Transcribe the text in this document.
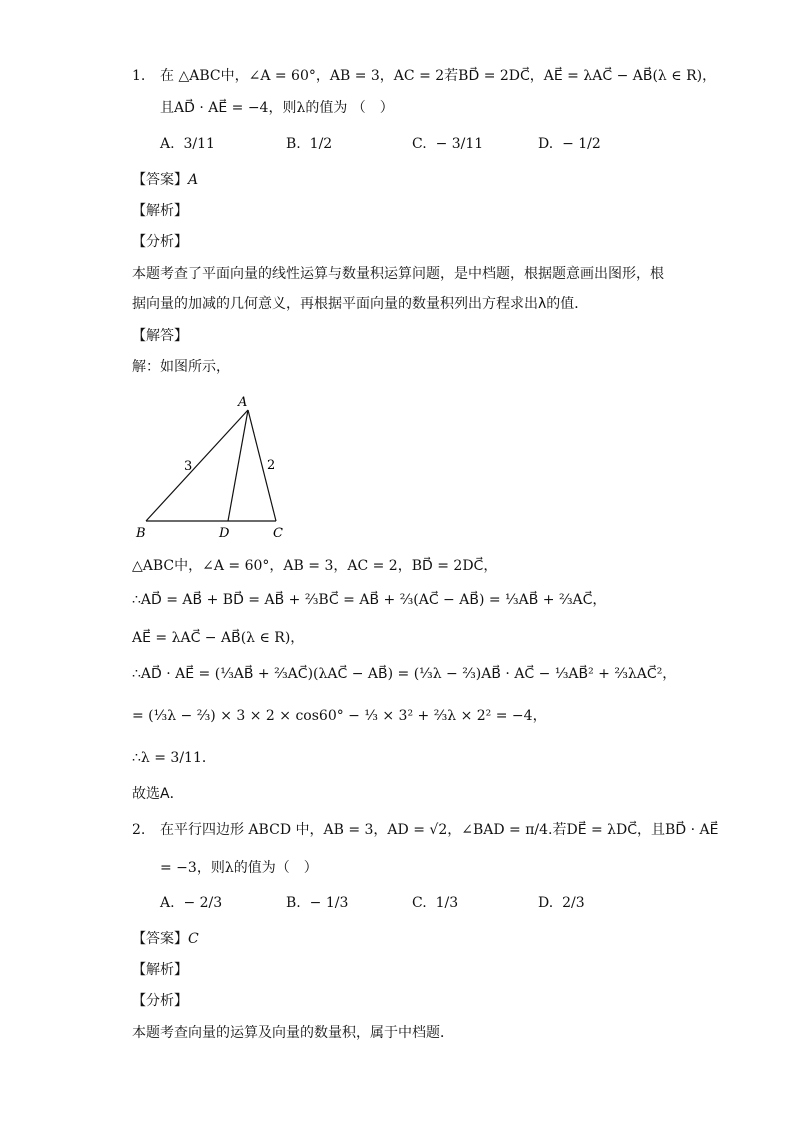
1. 在 △ABC中，∠A = 60°，AB = 3，AC = 2若BD⃗ = 2DC⃗，AE⃗ = λAC⃗ − AB⃗(λ ∈ R)，
且AD⃗ · AE⃗ = −4，则λ的值为 （　）
A. 3/11	B. 1/2	C. − 3/11	D. − 1/2
【答案】A
【解析】
【分析】
本题考查了平面向量的线性运算与数量积运算问题，是中档题，根据题意画出图形，根
据向量的加减的几何意义，再根据平面向量的数量积列出方程求出λ的值．
【解答】
解：如图所示，
A
B	D	C
3	2
△ABC中，∠A = 60°，AB = 3，AC = 2，BD⃗ = 2DC⃗，
∴AD⃗ = AB⃗ + BD⃗ = AB⃗ + ⅔BC⃗ = AB⃗ + ⅔(AC⃗ − AB⃗) = ⅓AB⃗ + ⅔AC⃗，
AE⃗ = λAC⃗ − AB⃗(λ ∈ R)，
∴AD⃗ · AE⃗ = (⅓AB⃗ + ⅔AC⃗)(λAC⃗ − AB⃗) = (⅓λ − ⅔)AB⃗ · AC⃗ − ⅓AB⃗² + ⅔λAC⃗²，
= (⅓λ − ⅔) × 3 × 2 × cos60° − ⅓ × 3² + ⅔λ × 2² = −4，
∴λ = 3/11．
故选A．
2. 在平行四边形 ABCD 中，AB = 3，AD = √2，∠BAD = π/4.若DE⃗ = λDC⃗，且BD⃗ · AE⃗
= −3，则λ的值为（　）
A. − 2/3	B. − 1/3	C. 1/3	D. 2/3
【答案】C
【解析】
【分析】
本题考查向量的运算及向量的数量积，属于中档题．
